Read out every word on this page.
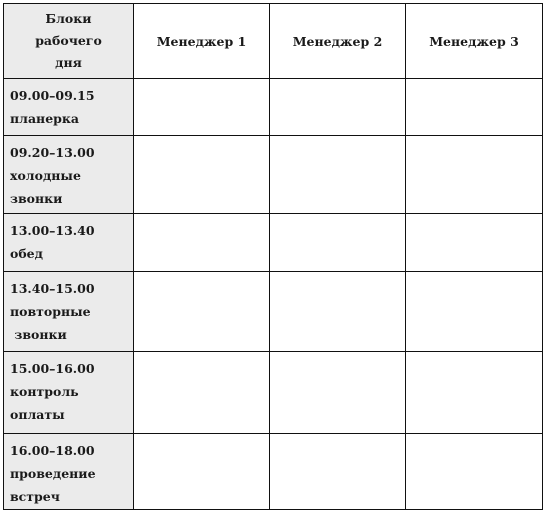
Блоки
рабочего
дня	Менеджер 1	Менеджер 2	Менеджер 3

09.00–09.15
планерка			

09.20–13.00
холодные
звонки			

13.00–13.40
обед			

13.40–15.00
повторные
звонки			

15.00–16.00
контроль
оплаты			

16.00–18.00
проведение
встреч			
